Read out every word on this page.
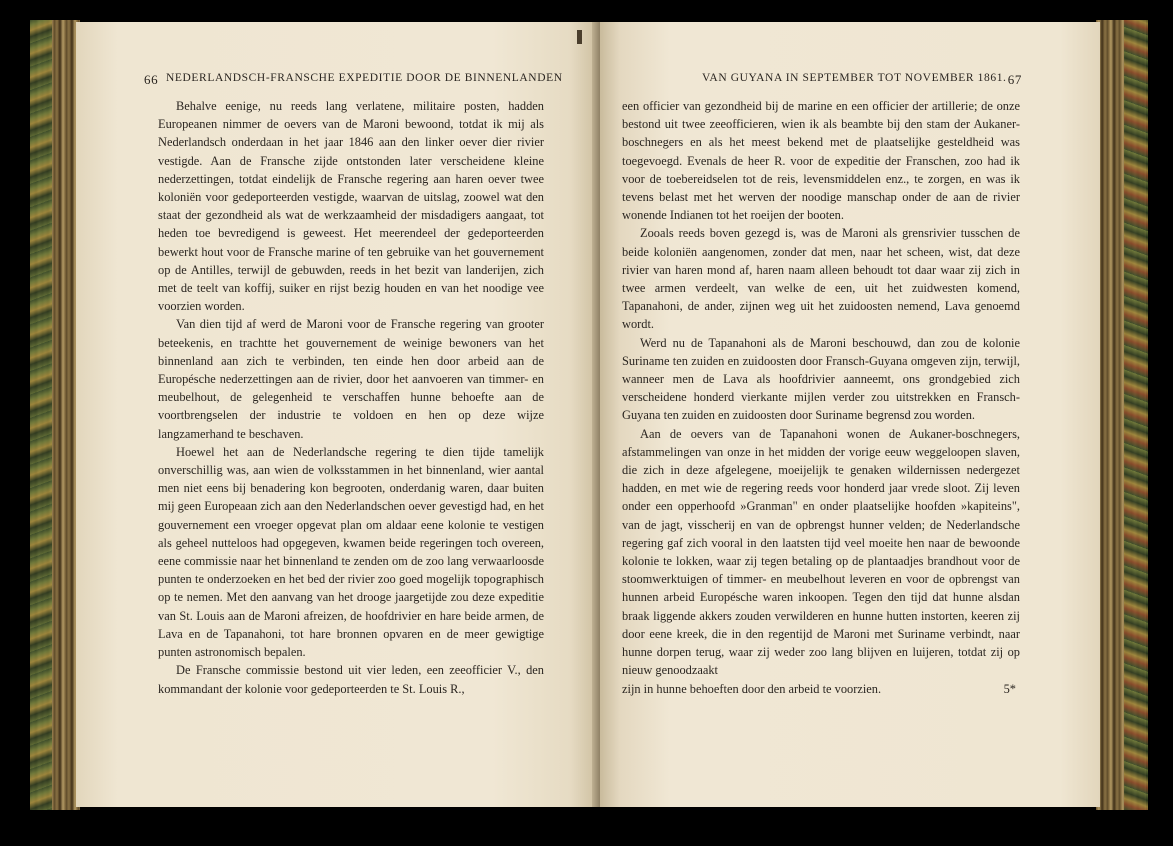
66 NEDERLANDSCH-FRANSCHE EXPEDITIE DOOR DE BINNENLANDEN

Behalve eenige, nu reeds lang verlatene, militaire posten, hadden Europeanen nimmer de oevers van de Maroni bewoond, totdat ik mij als Nederlandsch onderdaan in het jaar 1846 aan den linker oever dier rivier vestigde. Aan de Fransche zijde ontstonden later verscheidene kleine nederzettingen, totdat eindelijk de Fransche regering aan haren oever twee koloniën voor gedeporteerden vestigde, waarvan de uitslag, zoowel wat den staat der gezondheid als wat de werkzaamheid der misdadigers aangaat, tot heden toe bevredigend is geweest. Het meerendeel der gedeporteerden bewerkt hout voor de Fransche marine of ten gebruike van het gouvernement op de Antilles, terwijl de gebuwden, reeds in het bezit van landerijen, zich met de teelt van koffij, suiker en rijst bezig houden en van het noodige vee voorzien worden.

Van dien tijd af werd de Maroni voor de Fransche regering van grooter beteekenis, en trachtte het gouvernement de weinige bewoners van het binnenland aan zich te verbinden, ten einde hen door arbeid aan de Europésche nederzettingen aan de rivier, door het aanvoeren van timmer- en meubelhout, de gelegenheid te verschaffen hunne behoefte aan de voortbrengselen der industrie te voldoen en hen op deze wijze langzamerhand te beschaven.

Hoewel het aan de Nederlandsche regering te dien tijde tamelijk onverschillig was, aan wien de volksstammen in het binnenland, wier aantal men niet eens bij benadering kon begrooten, onderdanig waren, daar buiten mij geen Europeaan zich aan den Nederlandschen oever gevestigd had, en het gouvernement een vroeger opgevat plan om aldaar eene kolonie te vestigen als geheel nutteloos had opgegeven, kwamen beide regeringen toch overeen, eene commissie naar het binnenland te zenden om de zoo lang verwaarloosde punten te onderzoeken en het bed der rivier zoo goed mogelijk topographisch op te nemen. Met den aanvang van het drooge jaargetijde zou deze expeditie van St. Louis aan de Maroni afreizen, de hoofdrivier en hare beide armen, de Lava en de Tapanahoni, tot hare bronnen opvaren en de meer gewigtige punten astronomisch bepalen.

De Fransche commissie bestond uit vier leden, een zeeofficier V., den kommandant der kolonie voor gedeporteerden te St. Louis R.,

VAN GUYANA IN SEPTEMBER TOT NOVEMBER 1861. 67

een officier van gezondheid bij de marine en een officier der artillerie; de onze bestond uit twee zeeofficieren, wien ik als beambte bij den stam der Aukaner-boschnegers en als het meest bekend met de plaatselijke gesteldheid was toegevoegd. Evenals de heer R. voor de expeditie der Franschen, zoo had ik voor de toebereidselen tot de reis, levensmiddelen enz., te zorgen, en was ik tevens belast met het werven der noodige manschap onder de aan de rivier wonende Indianen tot het roeijen der booten.

Zooals reeds boven gezegd is, was de Maroni als grensrivier tusschen de beide koloniën aangenomen, zonder dat men, naar het scheen, wist, dat deze rivier van haren mond af, haren naam alleen behoudt tot daar waar zij zich in twee armen verdeelt, van welke de een, uit het zuidwesten komend, Tapanahoni, de ander, zijnen weg uit het zuidoosten nemend, Lava genoemd wordt.

Werd nu de Tapanahoni als de Maroni beschouwd, dan zou de kolonie Suriname ten zuiden en zuidoosten door Fransch-Guyana omgeven zijn, terwijl, wanneer men de Lava als hoofdrivier aanneemt, ons grondgebied zich verscheidene honderd vierkante mijlen verder zou uitstrekken en Fransch-Guyana ten zuiden en zuidoosten door Suriname begrensd zou worden.

Aan de oevers van de Tapanahoni wonen de Aukaner-boschnegers, afstammelingen van onze in het midden der vorige eeuw weggeloopen slaven, die zich in deze afgelegene, moeijelijk te genaken wildernissen nedergezet hadden, en met wie de regering reeds voor honderd jaar vrede sloot. Zij leven onder een opperhoofd »Granman" en onder plaatselijke hoofden »kapiteins", van de jagt, visscherij en van de opbrengst hunner velden; de Nederlandsche regering gaf zich vooral in den laatsten tijd veel moeite hen naar de bewoonde kolonie te lokken, waar zij tegen betaling op de plantaadjes brandhout voor de stoomwerktuigen of timmer- en meubelhout leveren en voor de opbrengst van hunnen arbeid Europésche waren inkoopen. Tegen den tijd dat hunne alsdan braak liggende akkers zouden verwilderen en hunne hutten instorten, keeren zij door eene kreek, die in den regentijd de Maroni met Suriname verbindt, naar hunne dorpen terug, waar zij weder zoo lang blijven en luijeren, totdat zij op nieuw genoodzaakt

zijn in hunne behoeften door den arbeid te voorzien.	5*
